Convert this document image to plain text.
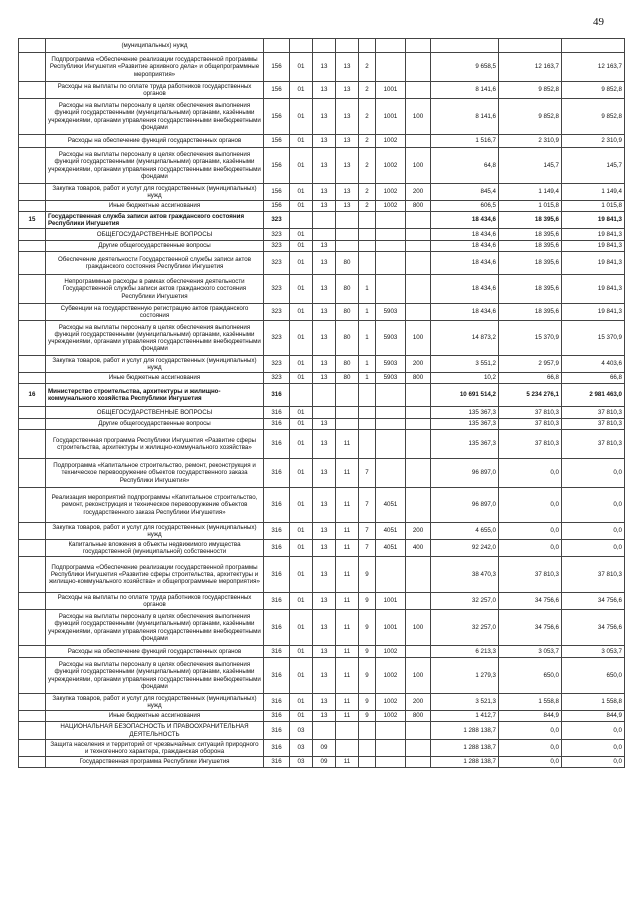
49
	(муниципальных) нужд										
	Подпрограмма «Обеспечение реализации государственной программы Республики Ингушетия «Развитие архивного дела» и общепрограммные мероприятия»	156	01	13	13	2			9 658,5	12 163,7	12 163,7
	Расходы на выплаты по оплате труда работников государственных органов	156	01	13	13	2	1001		8 141,6	9 852,8	9 852,8
	Расходы на выплаты персоналу в целях обеспечения выполнения функций государственными (муниципальными) органами, казёнными учреждениями, органами управления государственными внебюджетными фондами	156	01	13	13	2	1001	100	8 141,6	9 852,8	9 852,8
	Расходы на обеспечение функций государственных органов	156	01	13	13	2	1002		1 516,7	2 310,9	2 310,9
	Расходы на выплаты персоналу в целях обеспечения выполнения функций государственными (муниципальными) органами, казёнными учреждениями, органами управления государственными внебюджетными фондами	156	01	13	13	2	1002	100	64,8	145,7	145,7
	Закупка товаров, работ и услуг для государственных (муниципальных) нужд	156	01	13	13	2	1002	200	845,4	1 149,4	1 149,4
	Иные бюджетные ассигнования	156	01	13	13	2	1002	800	606,5	1 015,8	1 015,8
15	Государственная служба записи актов гражданского состояния Республики Ингушетия	323							18 434,6	18 395,6	19 841,3
	ОБЩЕГОСУДАРСТВЕННЫЕ ВОПРОСЫ	323	01						18 434,6	18 395,6	19 841,3
	Другие общегосударственные вопросы	323	01	13					18 434,6	18 395,6	19 841,3
	Обеспечение деятельности Государственной службы записи актов гражданского состояния Республики Ингушетия	323	01	13	80				18 434,6	18 395,6	19 841,3
	Непрограммные расходы в рамках обеспечения деятельности Государственной службы записи актов гражданского состояния Республики Ингушетия	323	01	13	80	1			18 434,6	18 395,6	19 841,3
	Субвенции на государственную регистрацию актов гражданского состояния	323	01	13	80	1	5903		18 434,6	18 395,6	19 841,3
	Расходы на выплаты персоналу в целях обеспечения выполнения функций государственными (муниципальными) органами, казёнными учреждениями, органами управления государственными внебюджетными фондами	323	01	13	80	1	5903	100	14 873,2	15 370,9	15 370,9
	Закупка товаров, работ и услуг для государственных (муниципальных) нужд	323	01	13	80	1	5903	200	3 551,2	2 957,9	4 403,6
	Иные бюджетные ассигнования	323	01	13	80	1	5903	800	10,2	66,8	66,8
16	Министерство строительства, архитектуры и жилищно-коммунального хозяйства Республики Ингушетия	316							10 691 514,2	5 234 276,1	2 981 463,0
	ОБЩЕГОСУДАРСТВЕННЫЕ ВОПРОСЫ	316	01						135 367,3	37 810,3	37 810,3
	Другие общегосударственные вопросы	316	01	13					135 367,3	37 810,3	37 810,3
	Государственная программа Республики Ингушетия «Развитие сферы строительства, архитектуры и жилищно-коммунального хозяйства»	316	01	13	11				135 367,3	37 810,3	37 810,3
	Подпрограмма «Капитальное строительство, ремонт, реконструкция и техническое перевооружение объектов государственного заказа Республики Ингушетия»	316	01	13	11	7			96 897,0	0,0	0,0
	Реализация мероприятий подпрограммы «Капитальное строительство, ремонт, реконструкция и техническое перевооружение объектов государственного заказа Республики Ингушетия»	316	01	13	11	7	4051		96 897,0	0,0	0,0
	Закупка товаров, работ и услуг для государственных (муниципальных) нужд	316	01	13	11	7	4051	200	4 655,0	0,0	0,0
	Капитальные вложения в объекты недвижимого имущества государственной (муниципальной) собственности	316	01	13	11	7	4051	400	92 242,0	0,0	0,0
	Подпрограмма «Обеспечение реализации государственной программы Республики Ингушетия «Развитие сферы строительства, архитектуры и жилищно-коммунального хозяйства» и общепрограммные мероприятия»	316	01	13	11	9			38 470,3	37 810,3	37 810,3
	Расходы на выплаты по оплате труда работников государственных органов	316	01	13	11	9	1001		32 257,0	34 756,6	34 756,6
	Расходы на выплаты персоналу в целях обеспечения выполнения функций государственными (муниципальными) органами, казёнными учреждениями, органами управления государственными внебюджетными фондами	316	01	13	11	9	1001	100	32 257,0	34 756,6	34 756,6
	Расходы на обеспечение функций государственных органов	316	01	13	11	9	1002		6 213,3	3 053,7	3 053,7
	Расходы на выплаты персоналу в целях обеспечения выполнения функций государственными (муниципальными) органами, казёнными учреждениями, органами управления государственными внебюджетными фондами	316	01	13	11	9	1002	100	1 279,3	650,0	650,0
	Закупка товаров, работ и услуг для государственных (муниципальных) нужд	316	01	13	11	9	1002	200	3 521,3	1 558,8	1 558,8
	Иные бюджетные ассигнования	316	01	13	11	9	1002	800	1 412,7	844,9	844,9
	НАЦИОНАЛЬНАЯ БЕЗОПАСНОСТЬ И ПРАВООХРАНИТЕЛЬНАЯ ДЕЯТЕЛЬНОСТЬ	316	03						1 288 138,7	0,0	0,0
	Защита населения и территорий от чрезвычайных ситуаций природного и техногенного характера, гражданская оборона	316	03	09					1 288 138,7	0,0	0,0
	Государственная программа Республики Ингушетия	316	03	09	11				1 288 138,7	0,0	0,0
